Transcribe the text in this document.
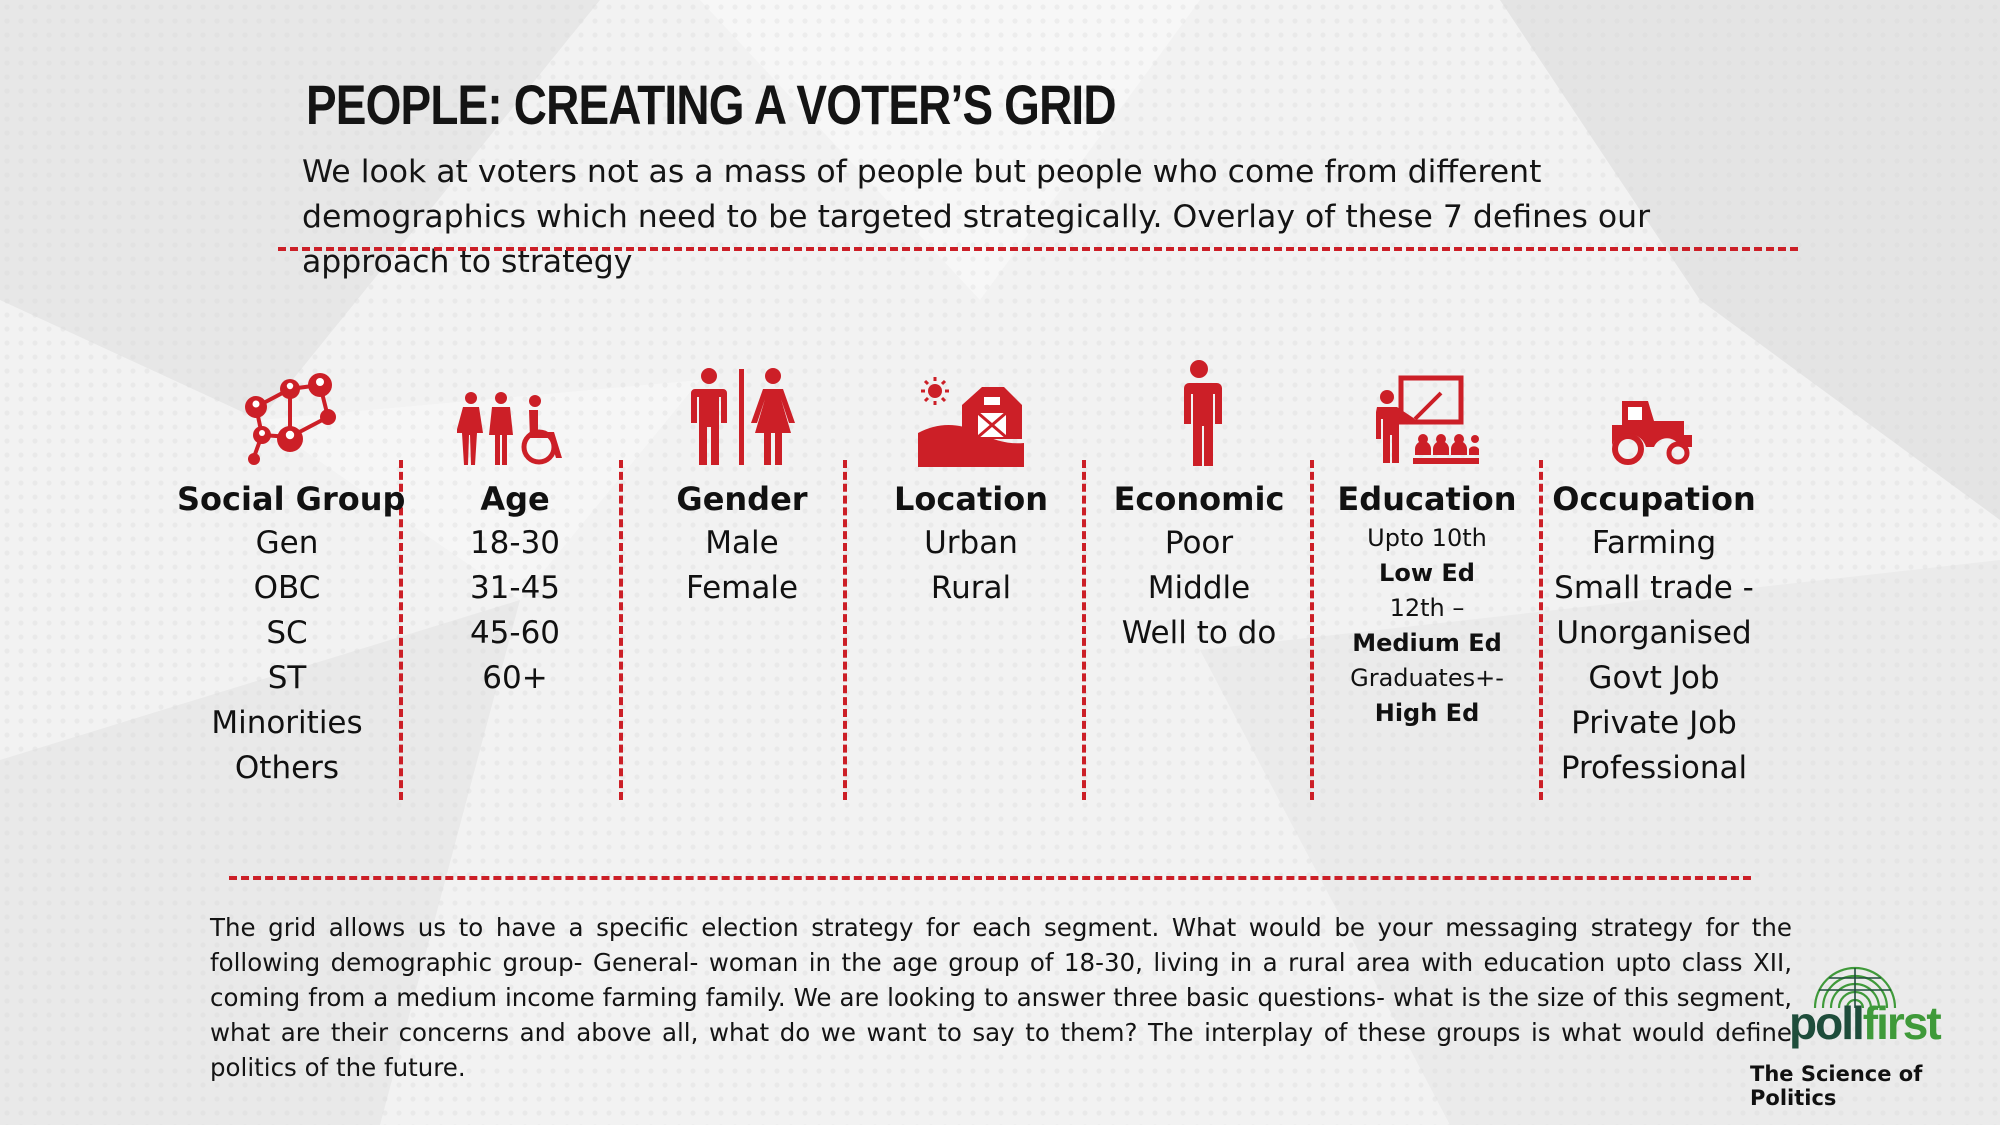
PEOPLE: CREATING A VOTER’S GRID

We look at voters not as a mass of people but people who come from different demographics which need to be targeted strategically. Overlay of these 7 defines our approach to strategy

Social Group
Gen
OBC
SC
ST
Minorities
Others
Age
18-30
31-45
45-60
60+
Gender
Male
Female
Location
Urban
Rural
Economic
Poor
Middle
Well to do
Education
Upto 10th
Low Ed
12th –
Medium Ed
Graduates+-
High Ed
Occupation
Farming
Small trade -
Unorganised
Govt Job
Private Job
Professional

The grid allows us to have a specific election strategy for each segment. What would be your messaging strategy for the following demographic group- General- woman in the age group of 18-30, living in a rural area with education upto class XII, coming from a medium income farming family. We are looking to answer three basic questions- what is the size of this segment, what are their concerns and above all, what do we want to say to them? The interplay of these groups is what would define politics of the future.

pollfirst
The Science of Politics
